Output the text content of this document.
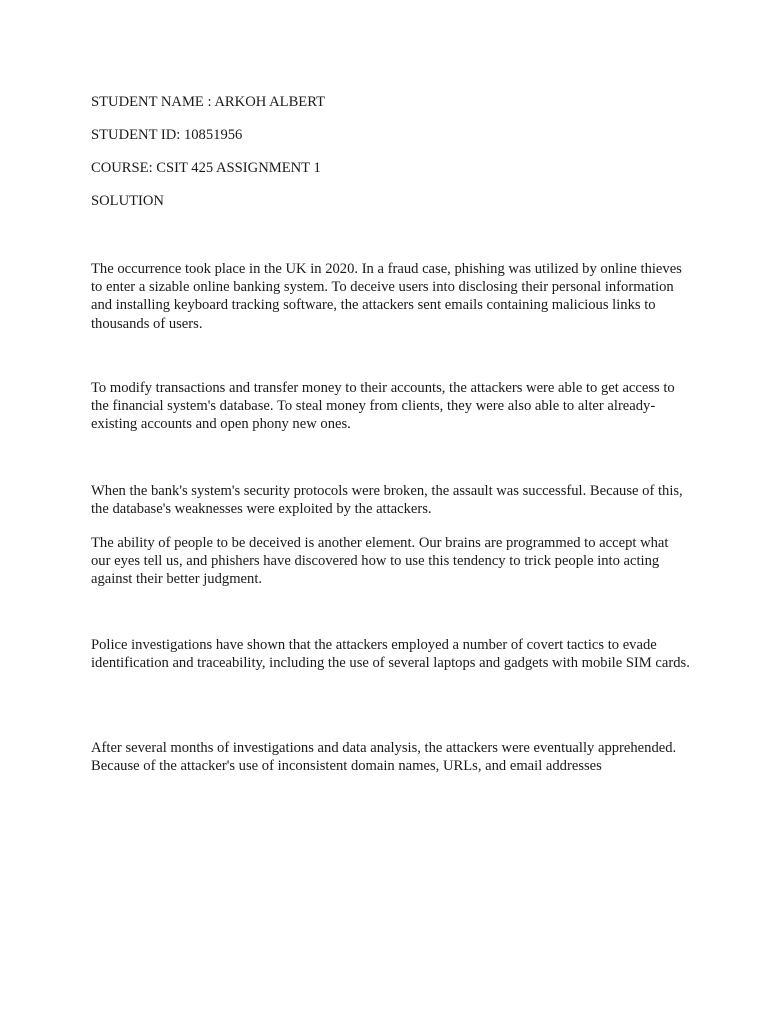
STUDENT NAME : ARKOH ALBERT

STUDENT ID: 10851956

COURSE: CSIT 425 ASSIGNMENT 1

SOLUTION

The occurrence took place in the UK in 2020. In a fraud case, phishing was utilized by online thieves to enter a sizable online banking system. To deceive users into disclosing their personal information and installing keyboard tracking software, the attackers sent emails containing malicious links to thousands of users.

To modify transactions and transfer money to their accounts, the attackers were able to get access to the financial system's database. To steal money from clients, they were also able to alter already-existing accounts and open phony new ones.

When the bank's system's security protocols were broken, the assault was successful. Because of this, the database's weaknesses were exploited by the attackers.

The ability of people to be deceived is another element. Our brains are programmed to accept what our eyes tell us, and phishers have discovered how to use this tendency to trick people into acting against their better judgment.

Police investigations have shown that the attackers employed a number of covert tactics to evade identification and traceability, including the use of several laptops and gadgets with mobile SIM cards.

After several months of investigations and data analysis, the attackers were eventually apprehended. Because of the attacker's use of inconsistent domain names, URLs, and email addresses
